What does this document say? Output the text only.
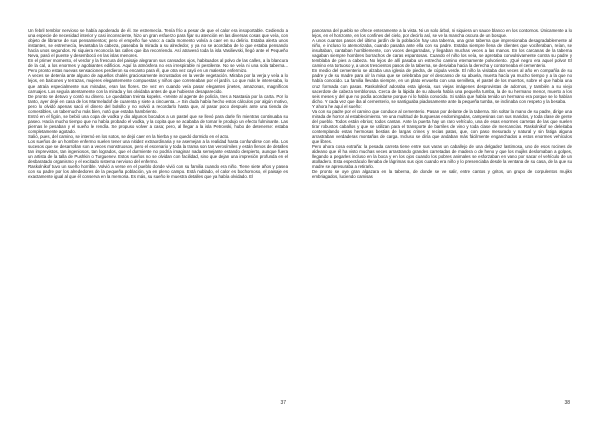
Un febril temblor nervioso se había apoderado de él. Se estremecía. Tenía frío a pesar de que el calor era insoportable. Cediendo a una especie de necesidad interior y casi inconsciente, hizo un gran esfuerzo para fijar su atención en las diversas cosas que veía, con objeto de librarse de sus pensamientos; pero el empeño fue vano: a cada momento volvía a caer en su delirio. Estaba alerta unos instantes, se estremecía, levantaba la cabeza, paseaba la mirada a su alrededor, y ya no se acordaba de lo que estaba pensando hacía unos segundos. Ni siquiera reconocía las calles que iba recorriendo. Así atravesó toda la isla Vasilievski, llegó ante el Pequeño Neva, pasó el puente y desembocó en las islas menores.

En el primer momento, el verdor y la frescura del paisaje alegraron sus cansados ojos, habituados al polvo de las calles, a la blancura de la cal, a los enormes y agobiantes edificios. Aquí la atmósfera no era irrespirable ni pestilente. No se veía ni una sola taberna... Pero pronto estas nuevas sensaciones perdieron su encanto para él, que otra vez cayó en un malestar enfermizo.

A veces se detenía ante alguno de aquellos chalés graciosamente incrustados en la verde vegetación. Miraba por la verja y veía a lo lejos, en balcones y terrazas, mujeres elegantemente compuestas y niños que correteaban por el jardín. Lo que más le interesaba, lo que atraía especialmente sus miradas, eran las flores. De vez en cuando veía pasar elegantes jinetes, amazonas, magníficos carruajes. Los seguía atentamente con la mirada y los olvidaba antes de que hubieran desaparecido.

De pronto se detuvo y contó su dinero. Le quedaban treinta kopeks. «Veinte al agente de policía, tres a Nastasia por la carta. Por lo tanto, ayer dejé en casa de los Marmeladof de cuarenta y siete a cincuenta...» Sin duda había hecho estos cálculos por algún motivo, pero lo olvidó apenas sacó el dinero del bolsillo y no volvió a recordarlo hasta que, al pasar poco después ante una tienda de comestibles, un tabernucho más bien, notó que estaba hambriento.

Entró en el figón, se bebió una copa de vodka y dio algunos bocados a un pastel que se llevó para darle fin mientras continuaba su paseo. Hacía mucho tiempo que no había probado el vodka, y la copita que se acababa de tomar le produjo un efecto fulminante. Las piernas le pesaban y el sueño le rendía. Se propuso volver a casa; pero, al llegar a la isla Petrovski, hubo de detenerse: estaba completamente agotado.

Salió, pues, del camino, se internó en los sotos, se dejó caer en la hierba y se quedó dormido en el acto.

Los sueños de un hombre enfermo suelen tener una nitidez extraordinaria y se asemejan a la realidad hasta confundirse con ella. Los sucesos que se desarrollan son a veces monstruosos, pero el escenario y toda la trama son tan verosímiles y están llenos de detalles tan imprevistos, tan ingeniosos, tan logrados, que el durmiente no podría imaginar nada semejante estando despierto, aunque fuera un artista de la talla de Pushkin o Turguenev. Estos sueños no se olvidan con facilidad, sino que dejan una impresión profunda en el desbaratado organismo y el excitado sistema nervioso del enfermo.

Raskolnikof tuvo un sueño horrible. Volvió a verse en el pueblo donde vivió con su familia cuando era niño. Tiene siete años y pasea con su padre por los alrededores de la pequeña población, ya en pleno campo. Está nublado, el calor es bochornoso, el paisaje es exactamente igual al que él conserva en la memoria. Es más, su sueño le muestra detalles que ya había olvidado. El

37

panorama del pueblo se ofrece enteramente a la vista. Ni un solo árbol, ni siquiera un sauce blanco en los contornos. Únicamente a lo lejos, en el horizonte, en los confines del cielo, por decirlo así, se ve la mancha oscura de un bosque.

A unos cuantos pasos del último jardín de la población hay una taberna, una gran taberna que impresionaba desagradablemente al niño, e incluso lo atemorizaba, cuando pasaba ante ella con su padre. Estaba siempre llena de clientes que vociferaban, reían, se insultaban, cantaban horriblemente, con voces desgarradas, y llegaban muchas veces a las manos. En los carcanas de la taberna vagaban siempre hombres borrachos de caras espantosas. Cuando el niño los veía, se apretaba convulsivamente contra su padre y temblaba de pies a cabeza. No lejos de allí pasaba un estrecho camino eternamente polvoriento. ¡Qué negro era aquel polvo! El camino era tortuoso y, a unos trescientos pasos de la taberna, se desviaba hacia la derecha y contorneaba el cementerio.

En medio del cementerio se alzaba una iglesia de piedra, de cúpula verde. El niño la visitaba dos veces al año en compañía de su padre y de su madre para oír la misa que se celebraba por el descanso de su abuela, muerta hacía ya mucho tiempo y a la que no había conocido. La familia llevaba siempre, en un plato envuelto con una servilleta, el pastel de los muertos, sobre el que había una cruz formada con pasas. Raskolnikof adoraba esta iglesia, sus viejas imágenes desprovistas de adornos, y también a su viejo sacerdote de cabeza temblorosa. Cerca de la lápida de su abuela había una pequeña tumba, la de su hermano menor, muerto a los seis meses y del que no podía acordarse porque ni lo había conocido. Si sabía que había tenido un hermano era porque se lo habían dicho. Y cada vez que iba al cementerio, se santiguaba piadosamente ante la pequeña tumba, se inclinaba con respeto y la besaba.

Y ahora he aquí el sueño:

Va con su padre por el camino que conduce al cementerio. Pasan por delante de la taberna. Sin soltar la mano de su padre, dirige una mirada de horror al establecimiento. Ve una multitud de burguesas endomingadas, campesinas con sus maridos, y toda clase de gente del pueblo. Todos están ebrios; todos cantan. Ante la puerta hay un raro vehículo, una de esas enormes carretas de las que suelen tirar robustos caballos y que se utilizan para el transporte de barriles de vino y toda clase de mercancías. Raskolnikof se deleitaba contemplando estas hermosas bestias de largas crines y recias patas, que, con paso mesurado y natural y sin fatiga alguna arrastraban verdaderas montañas de carga. Incluso se diría que andaban más fácilmente enganchados a estos enormes vehículos que libres.

Pero ahora cosa extraña: la pesada carreta tiene entre sus varas un caballejo de una delgadez lastimosa, uno de esos rocines de aldeano que él ha visto muchas veces arrastrando grandes carretadas de madera o de heno y que los mujiks deslomaban a golpes, llegando a pegarles incluso en la boca y en los ojos cuando los pobres animales se esforzaban en vano por sacar el vehículo de un atolladero. Esta espectáculo llenaba de lágrimas sus ojos cuando era niño y lo presenciaba desde la ventana de su casa, de la que su madre se apresuraba a retirarlo.

De pronto se oye gran algazara en la taberna, de donde se ve salir, entre cantos y gritos, un grupo de corpulentos mujiks embriagados, luciendo camisas

38
